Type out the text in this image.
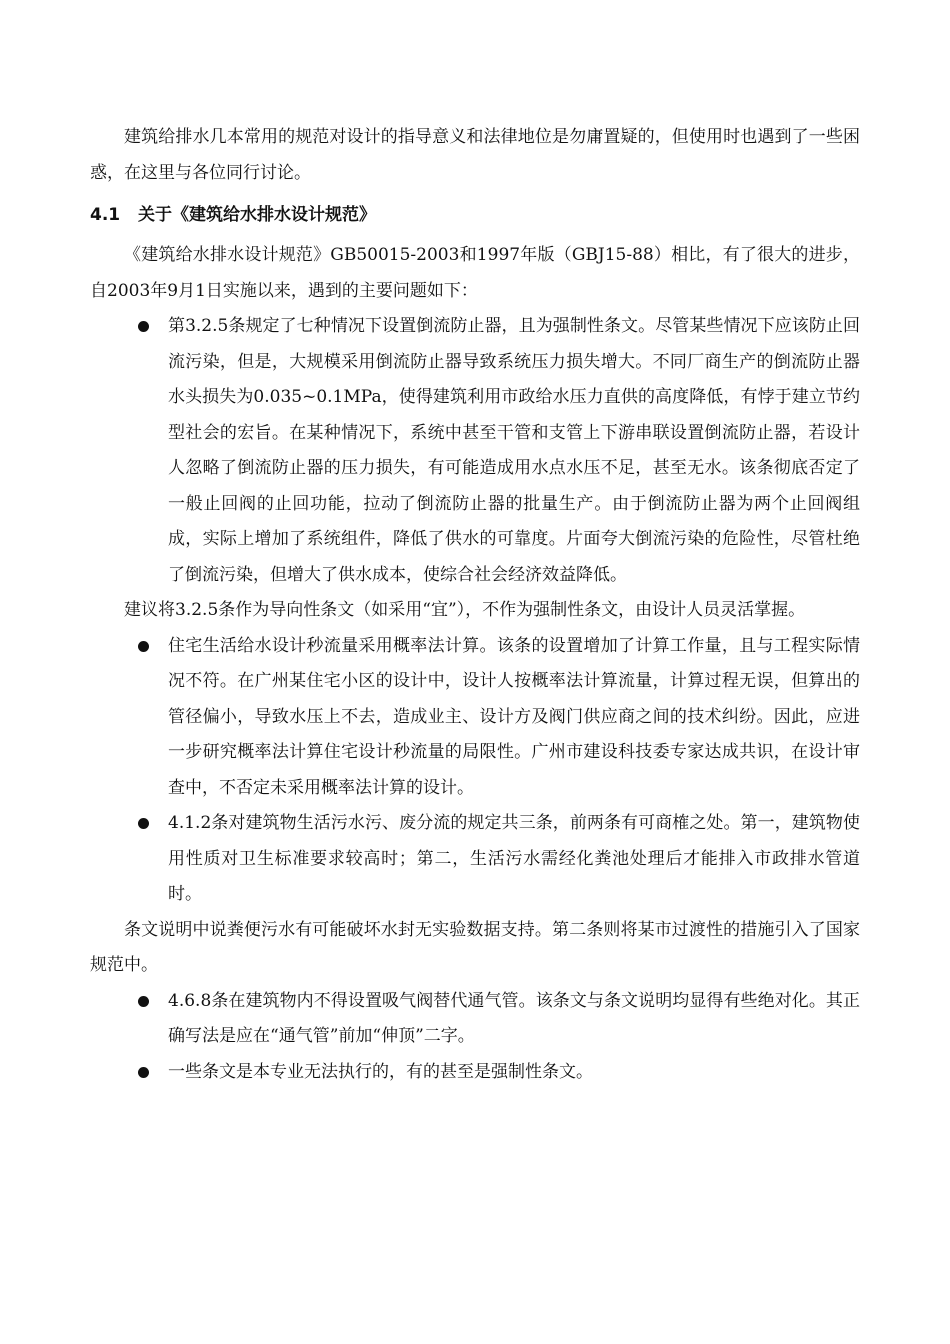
建筑给排水几本常用的规范对设计的指导意义和法律地位是勿庸置疑的，但使用时也遇到了一些困惑，在这里与各位同行讨论。

4.1 关于《建筑给水排水设计规范》

《建筑给水排水设计规范》GB50015-2003和1997年版（GBJ15-88）相比，有了很大的进步，自2003年9月1日实施以来，遇到的主要问题如下：

第3.2.5条规定了七种情况下设置倒流防止器，且为强制性条文。尽管某些情况下应该防止回流污染，但是，大规模采用倒流防止器导致系统压力损失增大。不同厂商生产的倒流防止器水头损失为0.035~0.1MPa，使得建筑利用市政给水压力直供的高度降低，有悖于建立节约型社会的宏旨。在某种情况下，系统中甚至干管和支管上下游串联设置倒流防止器，若设计人忽略了倒流防止器的压力损失，有可能造成用水点水压不足，甚至无水。该条彻底否定了一般止回阀的止回功能，拉动了倒流防止器的批量生产。由于倒流防止器为两个止回阀组成，实际上增加了系统组件，降低了供水的可靠度。片面夸大倒流污染的危险性，尽管杜绝了倒流污染，但增大了供水成本，使综合社会经济效益降低。

建议将3.2.5条作为导向性条文（如采用“宜”），不作为强制性条文，由设计人员灵活掌握。

住宅生活给水设计秒流量采用概率法计算。该条的设置增加了计算工作量，且与工程实际情况不符。在广州某住宅小区的设计中，设计人按概率法计算流量，计算过程无误，但算出的管径偏小，导致水压上不去，造成业主、设计方及阀门供应商之间的技术纠纷。因此，应进一步研究概率法计算住宅设计秒流量的局限性。广州市建设科技委专家达成共识，在设计审查中，不否定未采用概率法计算的设计。
4.1.2条对建筑物生活污水污、废分流的规定共三条，前两条有可商榷之处。第一，建筑物使用性质对卫生标准要求较高时；第二，生活污水需经化粪池处理后才能排入市政排水管道时。

条文说明中说粪便污水有可能破坏水封无实验数据支持。第二条则将某市过渡性的措施引入了国家规范中。

4.6.8条在建筑物内不得设置吸气阀替代通气管。该条文与条文说明均显得有些绝对化。其正确写法是应在“通气管”前加“伸顶”二字。
一些条文是本专业无法执行的，有的甚至是强制性条文。
